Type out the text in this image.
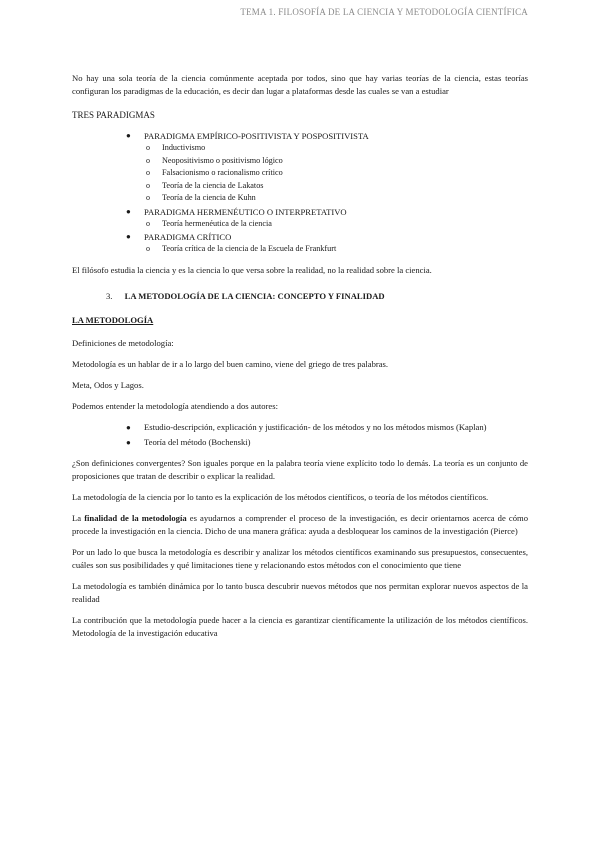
TEMA 1. FILOSOFÍA DE LA CIENCIA Y METODOLOGÍA CIENTÍFICA

No hay una sola teoría de la ciencia comúnmente aceptada por todos, sino que hay varias teorías de la ciencia, estas teorías configuran los paradigmas de la educación, es decir dan lugar a plataformas desde las cuales se van a estudiar

TRES PARADIGMAS
● PARADIGMA EMPÍRICO-POSITIVISTA Y POSPOSITIVISTA
o Inductivismo
o Neopositivismo o positivismo lógico
o Falsacionismo o racionalismo crítico
o Teoría de la ciencia de Lakatos
o Teoría de la ciencia de Kuhn
● PARADIGMA HERMENÉUTICO O INTERPRETATIVO
o Teoría hermenéutica de la ciencia
● PARADIGMA CRÍTICO
o Teoría crítica de la ciencia de la Escuela de Frankfurt

El filósofo estudia la ciencia y es la ciencia lo que versa sobre la realidad, no la realidad sobre la ciencia.

3. LA METODOLOGÍA DE LA CIENCIA: CONCEPTO Y FINALIDAD
LA METODOLOGÍA

Definiciones de metodología:

Metodología es un hablar de ir a lo largo del buen camino, viene del griego de tres palabras.

Meta, Odos y Lagos.

Podemos entender la metodología atendiendo a dos autores:

● Estudio-descripción, explicación y justificación- de los métodos y no los métodos mismos (Kaplan)
● Teoría del método (Bochenski)

¿Son definiciones convergentes? Son iguales porque en la palabra teoría viene explícito todo lo demás. La teoría es un conjunto de proposiciones que tratan de describir o explicar la realidad.

La metodología de la ciencia por lo tanto es la explicación de los métodos científicos, o teoría de los métodos científicos.

La finalidad de la metodología es ayudarnos a comprender el proceso de la investigación, es decir orientarnos acerca de cómo procede la investigación en la ciencia. Dicho de una manera gráfica: ayuda a desbloquear los caminos de la investigación (Pierce)

Por un lado lo que busca la metodología es describir y analizar los métodos científicos examinando sus presupuestos, consecuentes, cuáles son sus posibilidades y qué limitaciones tiene y relacionando estos métodos con el conocimiento que tiene

La metodología es también dinámica por lo tanto busca descubrir nuevos métodos que nos permitan explorar nuevos aspectos de la realidad

La contribución que la metodología puede hacer a la ciencia es garantizar científicamente la utilización de los métodos científicos. Metodología de la investigación educativa
